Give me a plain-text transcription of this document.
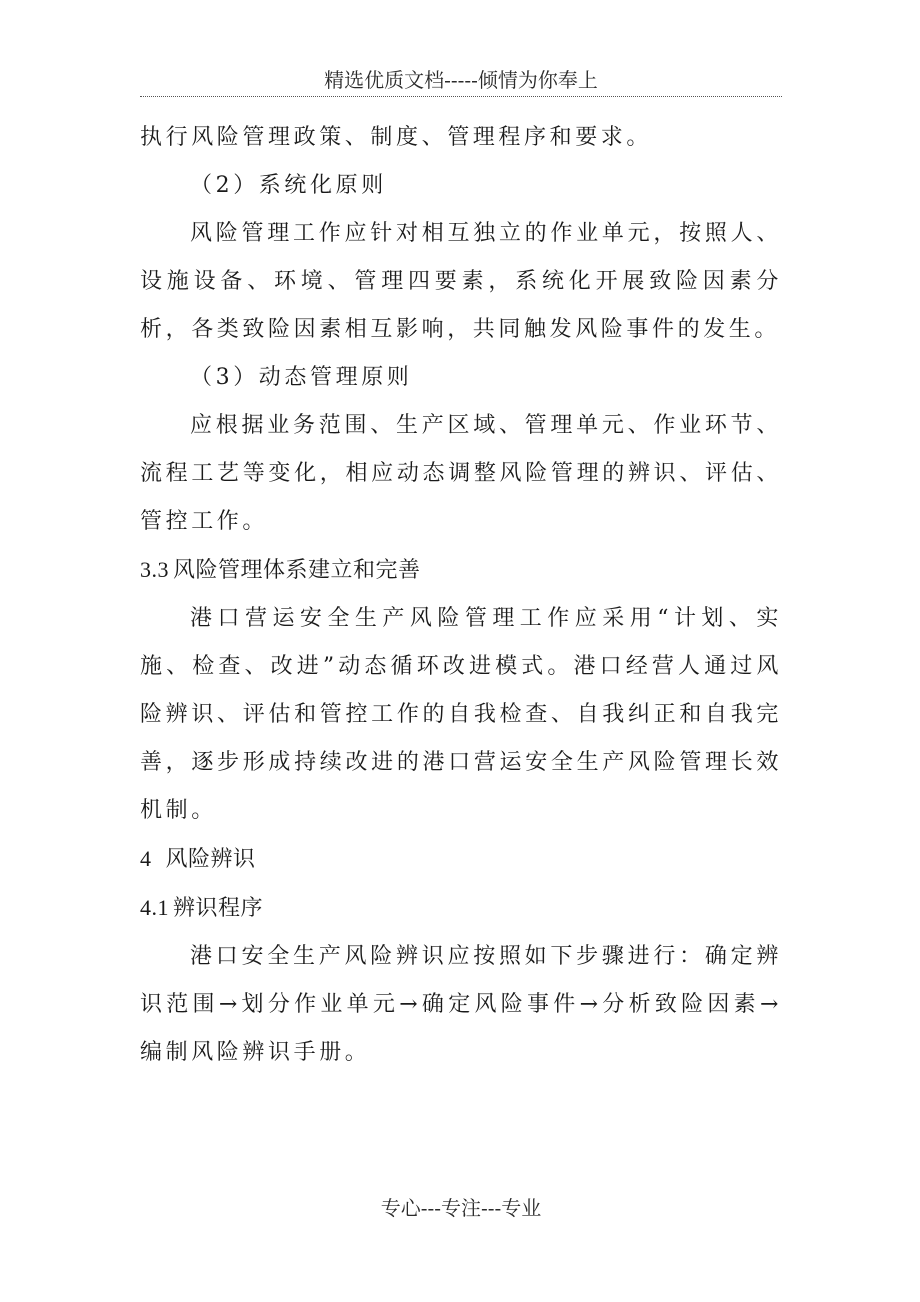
精选优质文档-----倾情为你奉上

执行风险管理政策、制度、管理程序和要求。

（2）系统化原则

风险管理工作应针对相互独立的作业单元，按照人、设施设备、环境、管理四要素，系统化开展致险因素分析，各类致险因素相互影响，共同触发风险事件的发生。

（3）动态管理原则

应根据业务范围、生产区域、管理单元、作业环节、流程工艺等变化，相应动态调整风险管理的辨识、评估、管控工作。

3.3 风险管理体系建立和完善

港口营运安全生产风险管理工作应采用“计划、实施、检查、改进”动态循环改进模式。港口经营人通过风险辨识、评估和管控工作的自我检查、自我纠正和自我完善，逐步形成持续改进的港口营运安全生产风险管理长效机制。

4 风险辨识

4.1 辨识程序

港口安全生产风险辨识应按照如下步骤进行：确定辨识范围→划分作业单元→确定风险事件→分析致险因素→编制风险辨识手册。

专心---专注---专业
